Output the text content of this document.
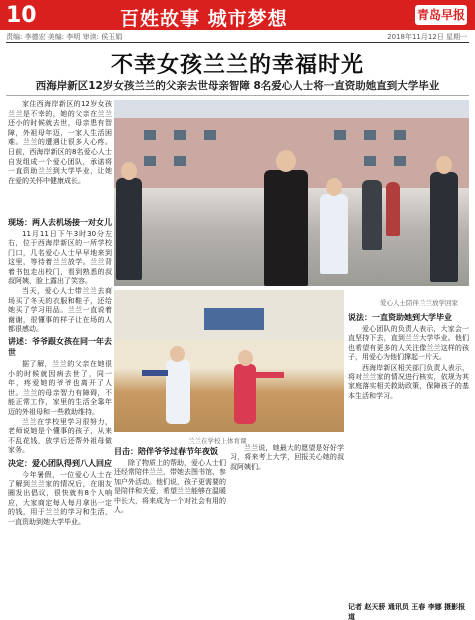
10	百姓故事 城市梦想	青岛早报
责编: 李德宏 美编: 李明 审读: 侯玉娟	2018年11月12日 星期一
不幸女孩兰兰的幸福时光
西海岸新区12岁女孩兰兰的父亲去世母亲智障 8名爱心人士将一直资助她直到大学毕业
家住西海岸新区的12岁女孩兰兰是不幸的，她的父亲在兰兰还小的时候就去世，母亲患有智障，外祖母年迈，一家人生活困难。兰兰的遭遇让很多人心疼。日前，西海岸新区的8名爱心人士自发组成一个爱心团队，承诺将一直资助兰兰到大学毕业，让她在爱的关怀中健康成长。
爱心人士陪伴兰兰放学回家
现场：两人去机场接一对女儿

11月11日下午3时30分左右，位于西海岸新区的一所学校门口，几名爱心人士早早地来到这里，等待着兰兰放学。兰兰背着书包走出校门，看到熟悉的叔叔阿姨，脸上露出了笑容。

当天，爱心人士带兰兰去商场买了冬天的衣服和鞋子，还给她买了学习用品。兰兰一直说着谢谢，很懂事的样子让在场的人都很感动。

讲述：爷爷跟女孩在同一年去世

据了解，兰兰的父亲在她很小的时候就因病去世了，同一年，疼爱她的爷爷也离开了人世。兰兰的母亲智力有障碍，不能正常工作，家里的生活全靠年迈的外祖母和一些救助维持。

兰兰在学校里学习很努力，老师说她是个懂事的孩子，从来不乱花钱，放学后还帮外祖母做家务。

决定：爱心团队得到八人回应

今年暑假，一位爱心人士在了解到兰兰家的情况后，在朋友圈发出倡议，很快就有8个人响应，大家商定每人每月拿出一定的钱，用于兰兰的学习和生活，一直资助到她大学毕业。

兰兰在学校上体育课
目击：陪伴爷爷过春节年夜饭

除了物质上的帮助，爱心人士们还经常陪伴兰兰，带她去图书馆、参加户外活动。他们说，孩子更需要的是陪伴和关爱，希望兰兰能够在温暖中长大，将来成为一个对社会有用的人。

兰兰说，她最大的愿望是好好学习，将来考上大学，回报关心她的叔叔阿姨们。

说法：一直资助她到大学毕业

爱心团队的负责人表示，大家会一直坚持下去，直到兰兰大学毕业。他们也希望有更多的人关注像兰兰这样的孩子，用爱心为他们撑起一片天。

西海岸新区相关部门负责人表示，将对兰兰家的情况进行核实，依规为其家庭落实相关救助政策，保障孩子的基本生活和学习。

记者 赵天骄 通讯员 王春 李娜 摄影报道
